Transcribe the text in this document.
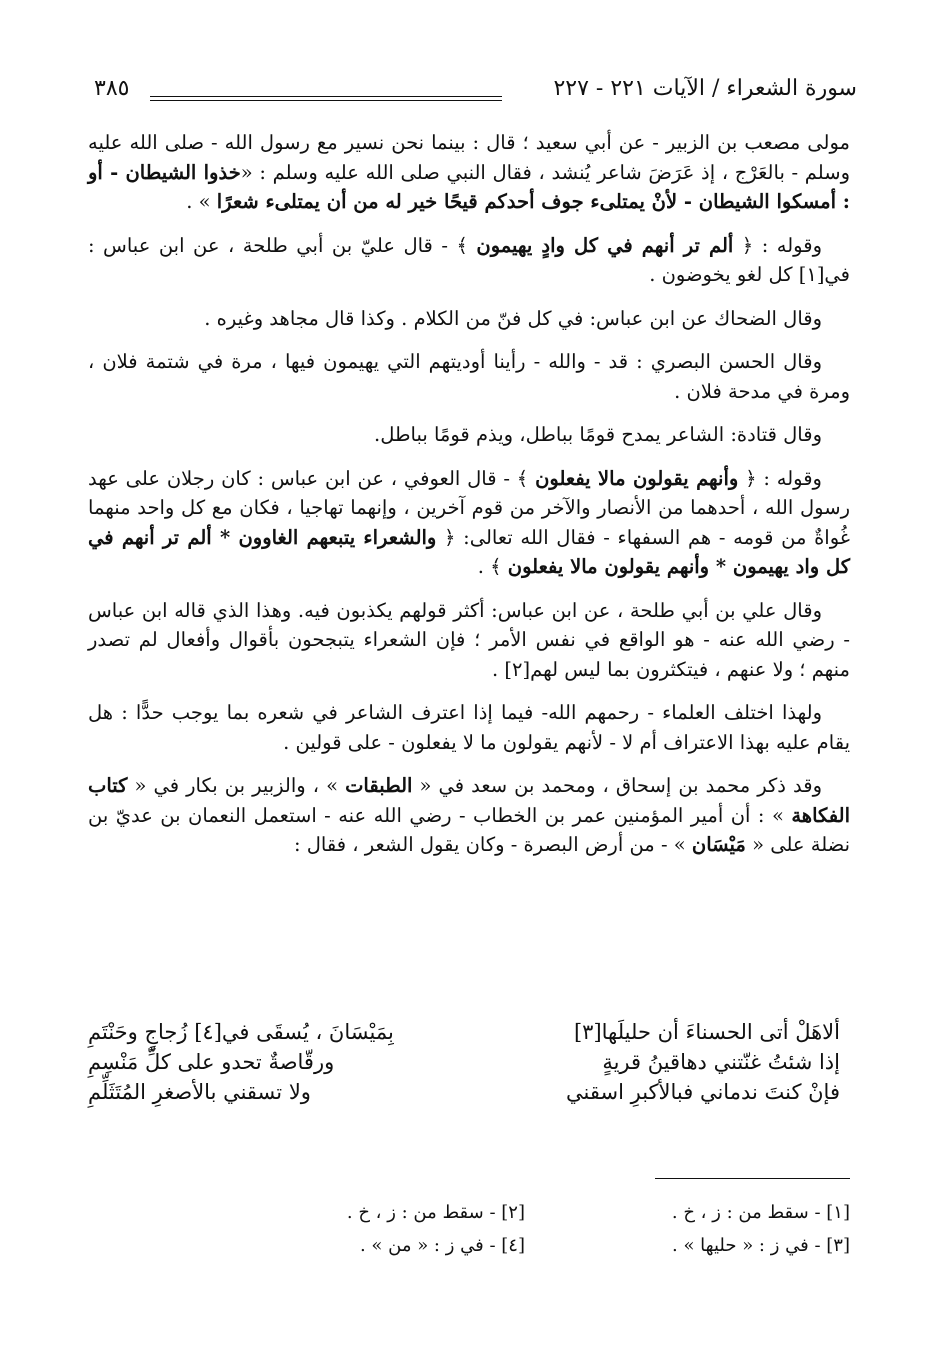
سورة الشعراء / الآيات ٢٢١ - ٢٢٧
٣٨٥

مولى مصعب بن الزبير - عن أبي سعيد ؛ قال : بينما نحن نسير مع رسول الله - صلى الله عليه وسلم - بالعَرْج ، إذ عَرَضَ شاعر يُنشد ، فقال النبي صلى الله عليه وسلم : «خذوا الشيطان - أو : أمسكوا الشيطان - لأنْ يمتلىء جوف أحدكم قيحًا خير له من أن يمتلىء شعرًا » .

وقوله : ﴿ ألم تر أنهم في كل وادٍ يهيمون ﴾ - قال عليّ بن أبي طلحة ، عن ابن عباس : في[١] كل لغو يخوضون .

وقال الضحاك عن ابن عباس: في كل فنّ من الكلام . وكذا قال مجاهد وغيره .

وقال الحسن البصري : قد - والله - رأينا أوديتهم التي يهيمون فيها ، مرة في شتمة فلان ، ومرة في مدحة فلان .

وقال قتادة: الشاعر يمدح قومًا بباطل، ويذم قومًا بباطل.

وقوله : ﴿ وأنهم يقولون مالا يفعلون ﴾ - قال العوفي ، عن ابن عباس : كان رجلان على عهد رسول الله ، أحدهما من الأنصار والآخر من قوم آخرين ، وإنهما تهاجيا ، فكان مع كل واحد منهما غُواةٌ من قومه - هم السفهاء - فقال الله تعالى: ﴿ والشعراء يتبعهم الغاوون * ألم تر أنهم في كل واد يهيمون * وأنهم يقولون مالا يفعلون ﴾ .

وقال علي بن أبي طلحة ، عن ابن عباس: أكثر قولهم يكذبون فيه. وهذا الذي قاله ابن عباس - رضي الله عنه - هو الواقع في نفس الأمر ؛ فإن الشعراء يتبجحون بأقوال وأفعال لم تصدر منهم ؛ ولا عنهم ، فيتكثرون بما ليس لهم[٢] .

ولهذا اختلف العلماء - رحمهم الله- فيما إذا اعترف الشاعر في شعره بما يوجب حدًّا : هل يقام عليه بهذا الاعتراف أم لا - لأنهم يقولون ما لا يفعلون - على قولين .

وقد ذكر محمد بن إسحاق ، ومحمد بن سعد في « الطبقات » ، والزبير بن بكار في « كتاب الفكاهة » : أن أمير المؤمنين عمر بن الخطاب - رضي الله عنه - استعمل النعمان بن عديّ بن نضلة على « مَيْسَان » - من أرض البصرة - وكان يقول الشعر ، فقال :

ألاهَلْ أتى الحسناءَ أن حليلَها[٣]
بِمَيْسَانَ ، يُسقَى في[٤] زُجاجٍ وحَنْتَمِ
إذا شئتُ غنّتني دهاقينُ قريةٍ
ورقّاصةٌ تحدو على كلِّ مَنْسِمِ
فإنْ كنتَ ندماني فبالأكبرِ اسقني
ولا تسقني بالأصغرِ المُتَثَلِّمِ
[١] - سقط من : ز ، خ .
[٢] - سقط من : ز ، خ .
[٣] - في ز : « حليها » .
[٤] - في ز : « من » .
